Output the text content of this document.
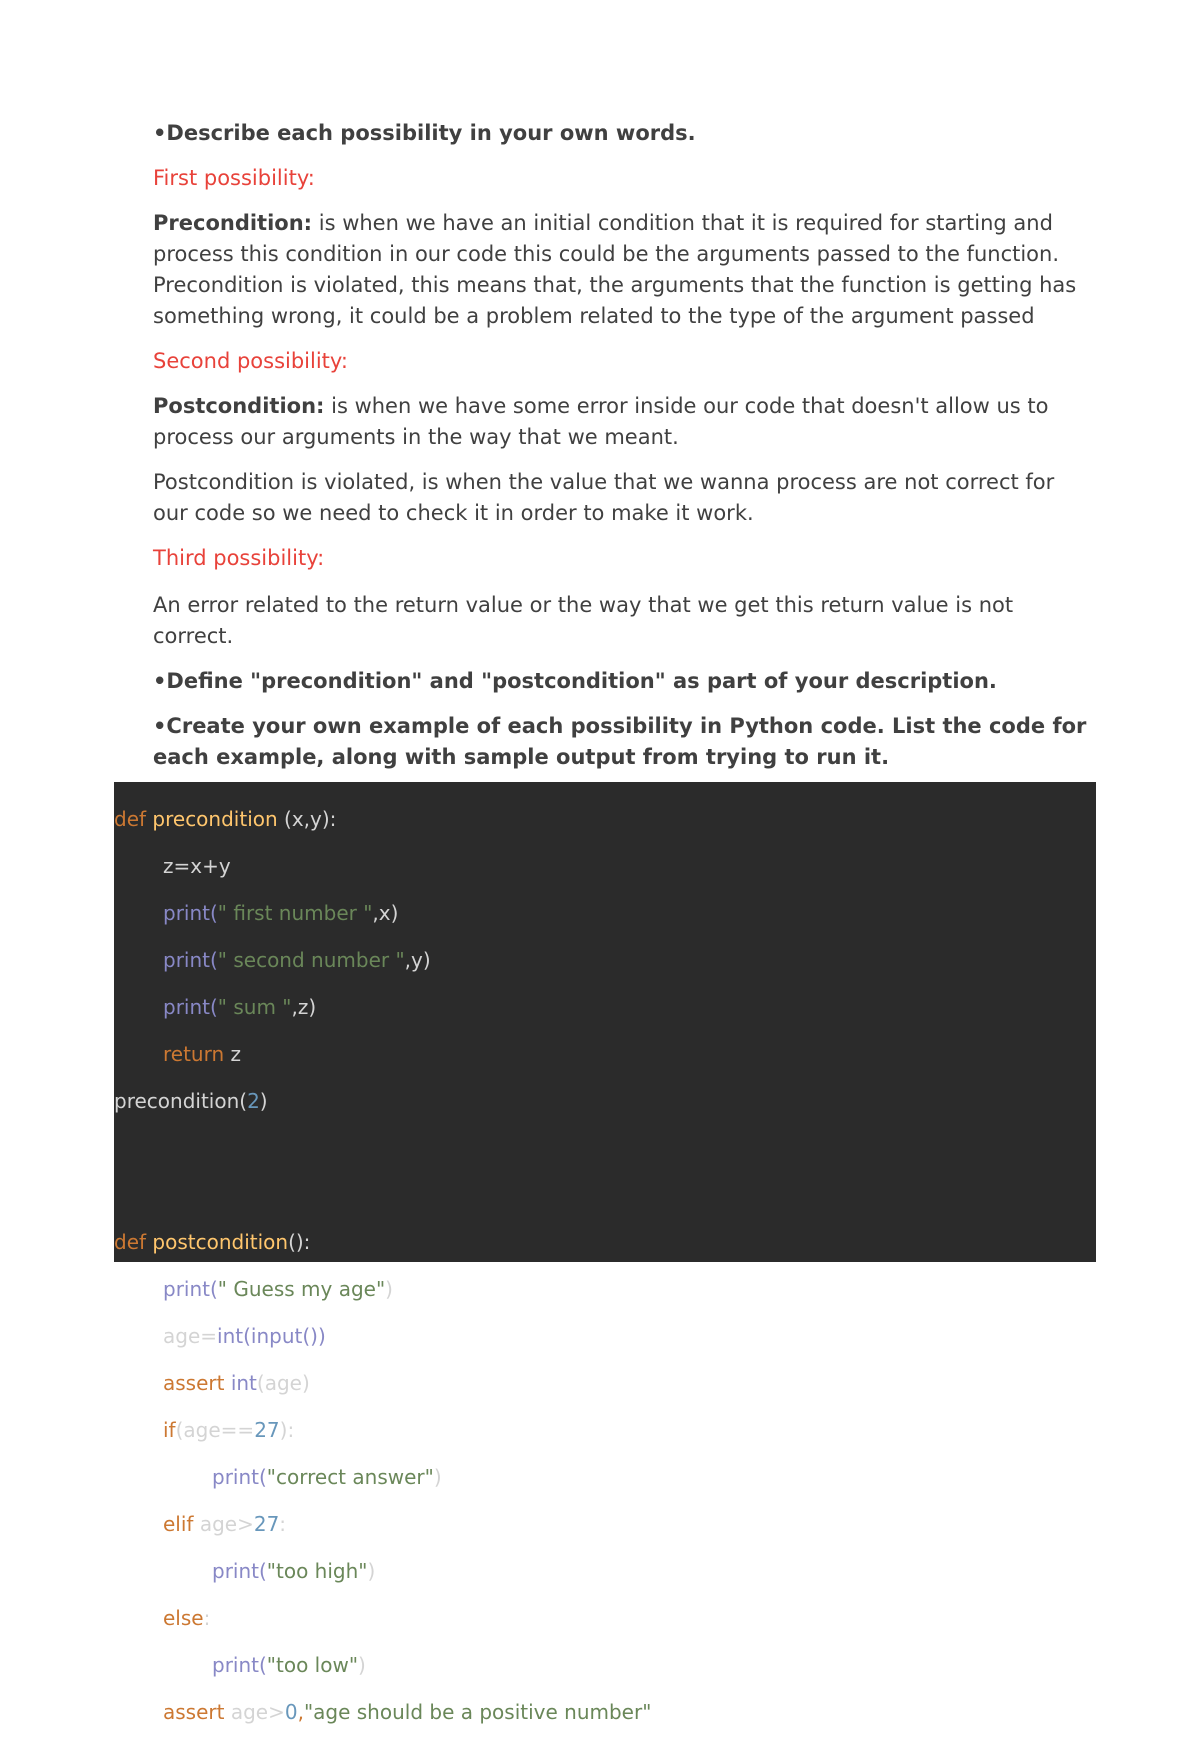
•Describe each possibility in your own words.

First possibility:

Precondition: is when we have an initial condition that it is required for starting and process this condition in our code this could be the arguments passed to the function. Precondition is violated, this means that, the arguments that the function is getting has something wrong, it could be a problem related to the type of the argument passed

Second possibility:

Postcondition: is when we have some error inside our code that doesn't allow us to process our arguments in the way that we meant.

Postcondition is violated, is when the value that we wanna process are not correct for our code so we need to check it in order to make it work.

Third possibility:

An error related to the return value or the way that we get this return value is not correct.

•Define "precondition" and "postcondition" as part of your description.

•Create your own example of each possibility in Python code. List the code for each example, along with sample output from trying to run it.

def precondition (x,y):

z=x+y

print(" first number ",x)

print(" second number ",y)

print(" sum ",z)

return z

precondition(2)

def postcondition():

print(" Guess my age")

age=int(input())

assert int(age)

if(age==27):

print("correct answer")

elif age>27:

print("too high")

else:

print("too low")

assert age>0,"age should be a positive number"
